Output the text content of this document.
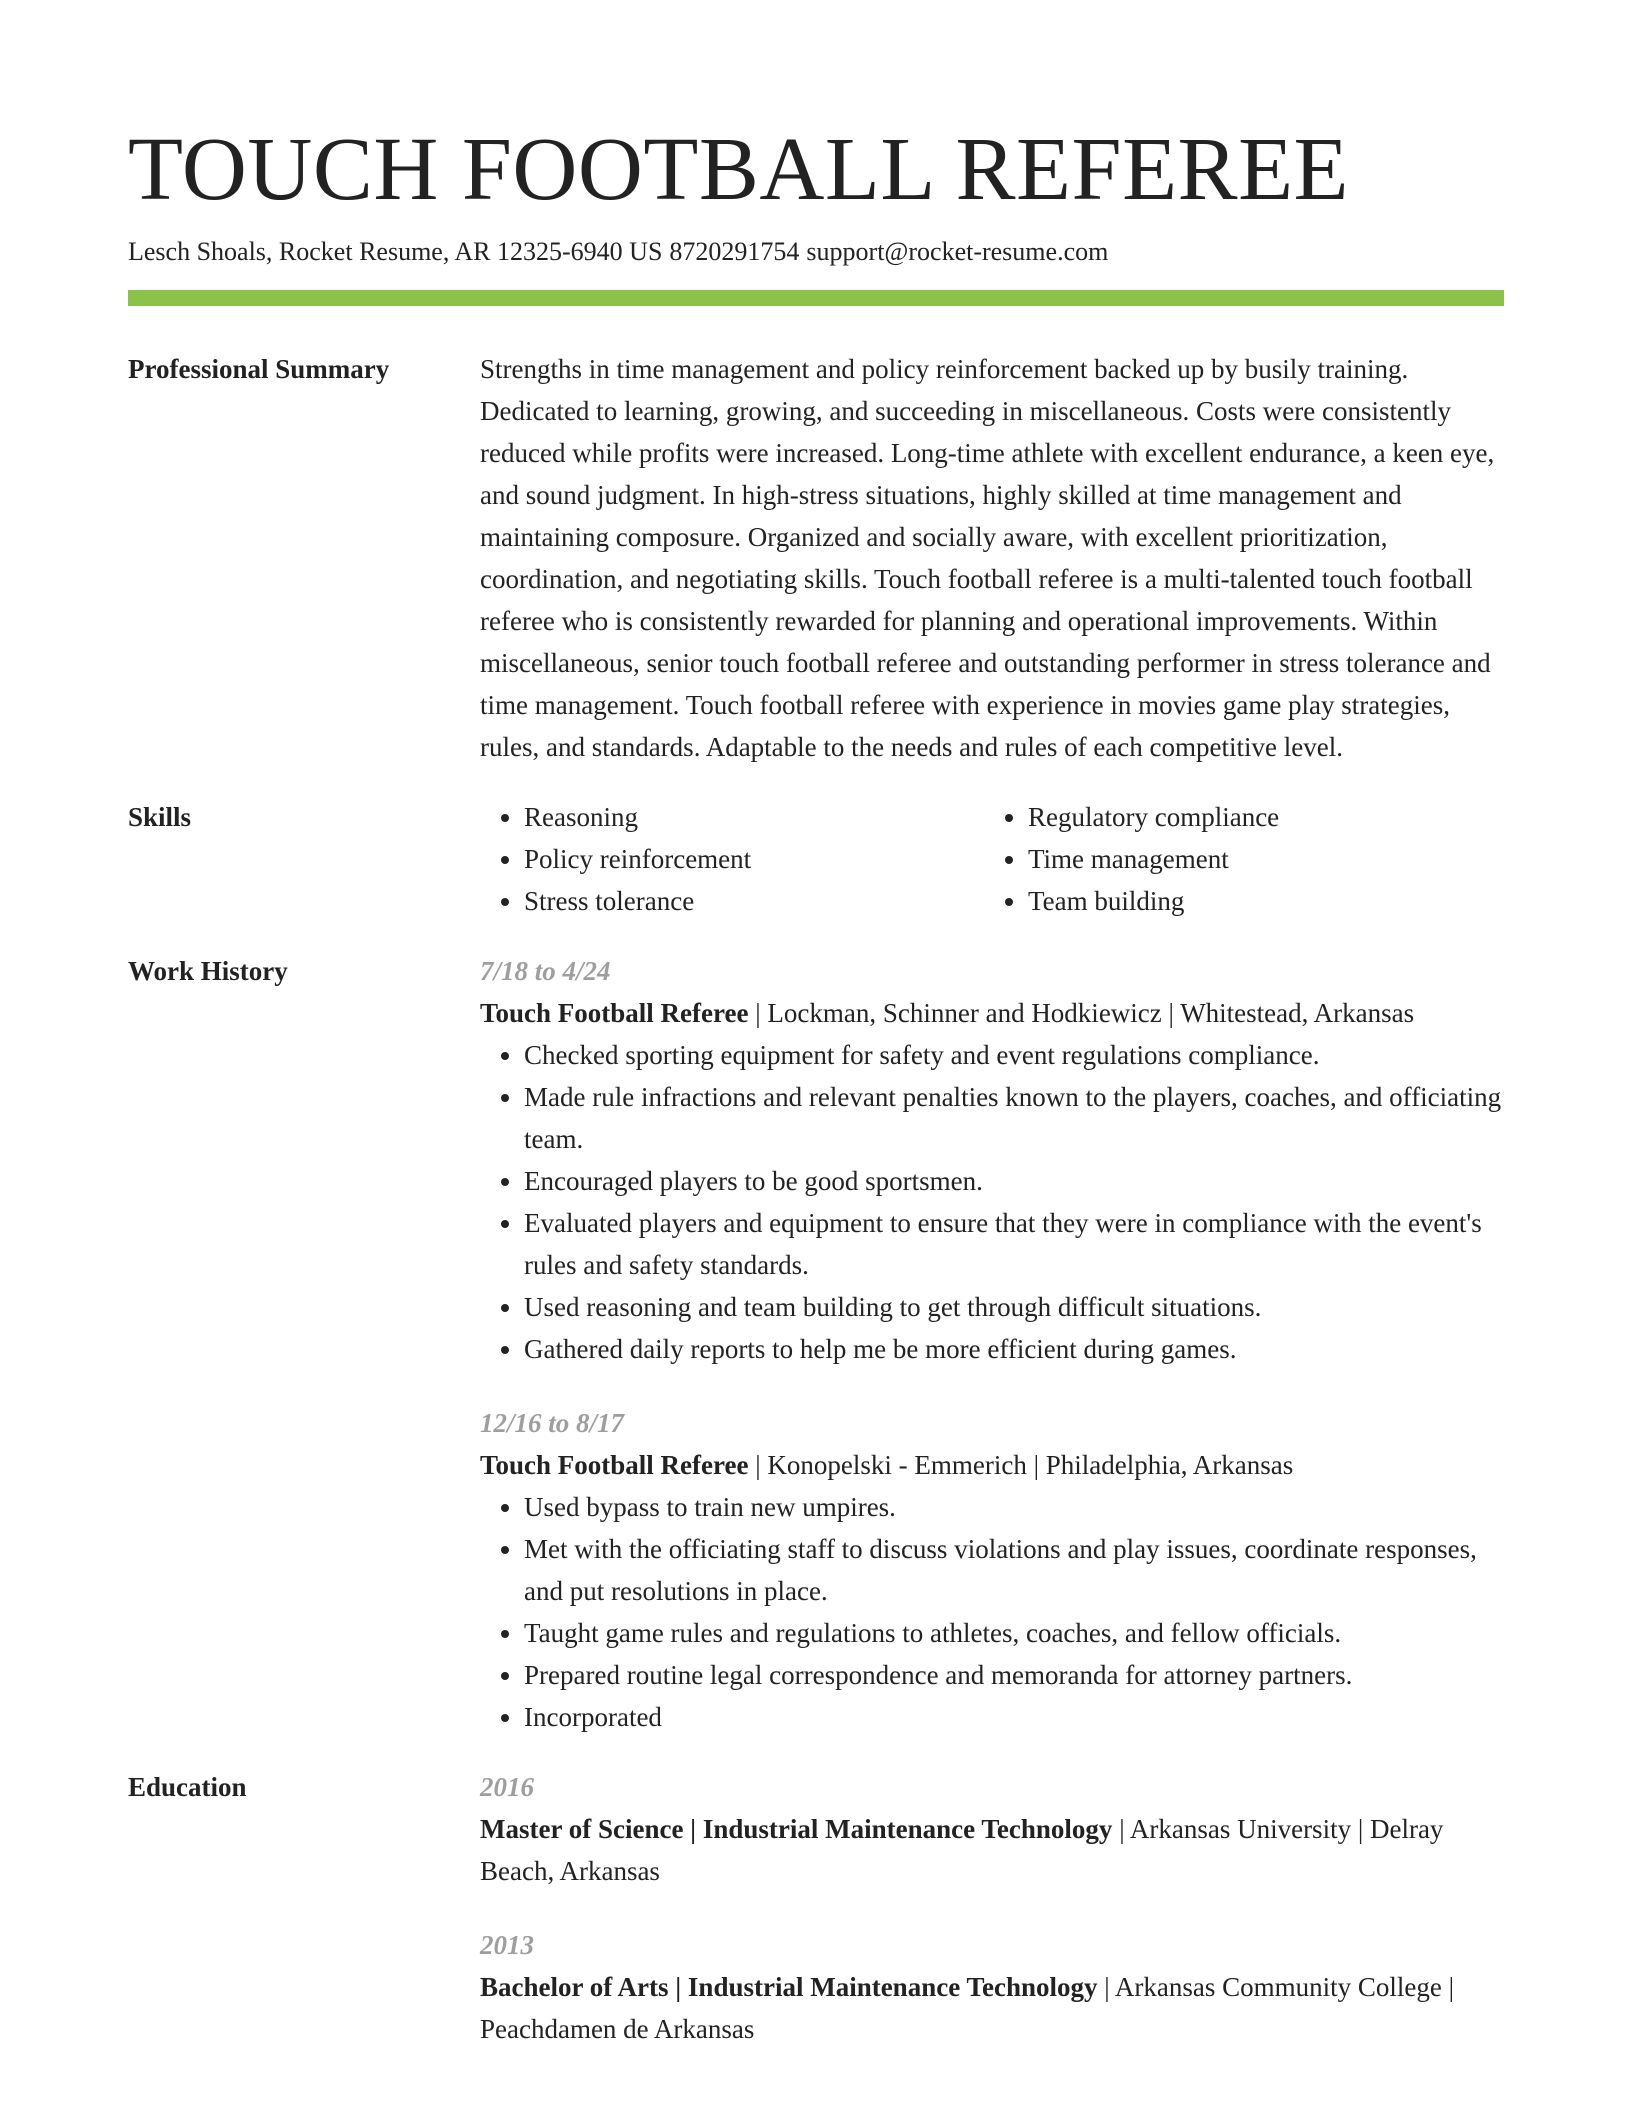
TOUCH FOOTBALL REFEREE
Lesch Shoals, Rocket Resume, AR 12325-6940 US 8720291754 support@rocket-resume.com
Professional Summary	Strengths in time management and policy reinforcement backed up by busily training. Dedicated to learning, growing, and succeeding in miscellaneous. Costs were consistently reduced while profits were increased. Long-time athlete with excellent endurance, a keen eye, and sound judgment. In high-stress situations, highly skilled at time management and maintaining composure. Organized and socially aware, with excellent prioritization, coordination, and negotiating skills. Touch football referee is a multi-talented touch football referee who is consistently rewarded for planning and operational improvements. Within miscellaneous, senior touch football referee and outstanding performer in stress tolerance and time management. Touch football referee with experience in movies game play strategies, rules, and standards. Adaptable to the needs and rules of each competitive level.

Skills
•	Reasoning
• Policy reinforcement
• Stress tolerance
• Regulatory compliance
• Time management
• Team building
Work History	7/18 to 4/24
Touch Football Referee | Lockman, Schinner and Hodkiewicz | Whitestead, Arkansas
• Checked sporting equipment for safety and event regulations compliance.
• Made rule infractions and relevant penalties known to the players, coaches, and officiating team.
• Encouraged players to be good sportsmen.
• Evaluated players and equipment to ensure that they were in compliance with the event's rules and safety standards.
• Used reasoning and team building to get through difficult situations.
• Gathered daily reports to help me be more efficient during games.
12/16 to 8/17
Touch Football Referee | Konopelski - Emmerich | Philadelphia, Arkansas
• Used bypass to train new umpires.
• Met with the officiating staff to discuss violations and play issues, coordinate responses, and put resolutions in place.
• Taught game rules and regulations to athletes, coaches, and fellow officials.
• Prepared routine legal correspondence and memoranda for attorney partners.
• Incorporated
Education	2016
Master of Science | Industrial Maintenance Technology | Arkansas University | Delray Beach, Arkansas
2013
Bachelor of Arts | Industrial Maintenance Technology | Arkansas Community College | Peachdamen de Arkansas
